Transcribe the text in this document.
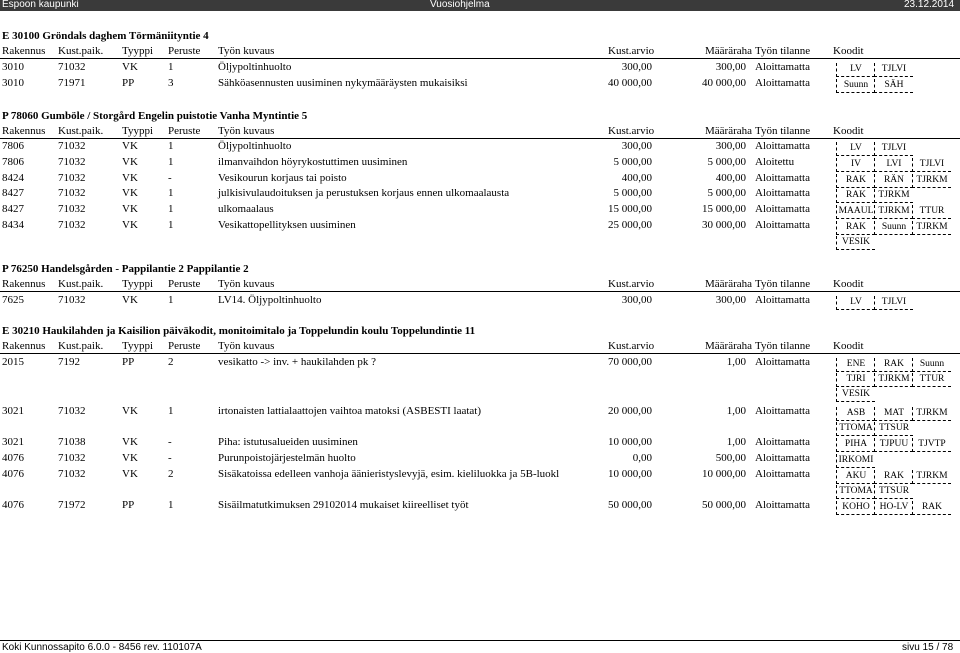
Espoon kaupunki	Vuosiohjelma	23.12.2014
E 30100 Gröndals daghem Törmäniityntie 4
Rakennus Kust.paik. Tyyppi Peruste Työn kuvaus	Kust.arvio	Määräraha Työn tilanne Koodit
3010	71032	VK	1	Öljypoltinhuolto	300,00	300,00 Aloittamatta	LV	TJLVI
3010	71971	PP	3	Sähköasennusten uusiminen nykymääräysten mukaisiksi	40 000,00	40 000,00 Aloittamatta	Suunn	SÄH
P 78060 Gumböle / Storgård Engelin puistotie Vanha Myntintie 5
Rakennus Kust.paik. Tyyppi Peruste Työn kuvaus	Kust.arvio	Määräraha Työn tilanne Koodit
7806	71032	VK	1	Öljypoltinhuolto	300,00	300,00 Aloittamatta	LV	TJLVI
7806	71032	VK	1	ilmanvaihdon höyrykostuttimen uusiminen	5 000,00	5 000,00 Aloitettu	IV	LVI	TJLVI
8424	71032	VK	-	Vesikourun korjaus tai poisto	400,00	400,00 Aloittamatta	RAK	RÄN	TJRKM
8427	71032	VK	1	julkisivulaudoituksen ja perustuksen korjaus ennen ulkomaalausta	5 000,00	5 000,00 Aloittamatta	RAK	TJRKM
8427	71032	VK	1	ulkomaalaus	15 000,00	15 000,00 Aloittamatta	MAAUL TJRKM	TTUR
8434	71032	VK	1	Vesikattopellityksen uusiminen	25 000,00	30 000,00 Aloittamatta	RAK	Suunn	TJRKM
VESIK
P 76250 Handelsgården - Pappilantie 2 Pappilantie 2
Rakennus Kust.paik. Tyyppi Peruste Työn kuvaus	Kust.arvio	Määräraha Työn tilanne Koodit
7625	71032	VK	1	LV14. Öljypoltinhuolto	300,00	300,00 Aloittamatta	LV	TJLVI
E 30210 Haukilahden ja Kaisilion päiväkodit, monitoimitalo ja Toppelundin koulu Toppelundintie 11
Rakennus Kust.paik. Tyyppi Peruste Työn kuvaus	Kust.arvio	Määräraha Työn tilanne Koodit
2015	7192	PP	2	vesikatto -> inv. + haukilahden pk ?	70 000,00	1,00 Aloittamatta	ENE	RAK	Suunn
TJRI	TJRKM	TTUR
VESIK
3021	71032	VK	1	irtonaisten lattialaattojen vaihtoa matoksi (ASBESTI laatat)	20 000,00	1,00 Aloittamatta	ASB	MAT	TJRKM
TTOMA TTSUR
3021	71038	VK	-	Piha: istutusalueiden uusiminen	10 000,00	1,00 Aloittamatta	PIHA	TJPUU	TJVTP
4076	71032	VK	-	Purunpoistojärjestelmän huolto	0,00	500,00 Aloittamatta	IRKOMI
4076	71032	VK	2	Sisäkatoissa edelleen vanhoja äänieristyslevyjä, esim. kieliluokka ja 5B-luokl	10 000,00	10 000,00 Aloittamatta	AKU	RAK	TJRKM
TTOMA TTSUR
4076	71972	PP	1	Sisäilmatutkimuksen 29102014 mukaiset kiireelliset työt	50 000,00	50 000,00 Aloittamatta	KOHO	HO-LV	RAK
Koki Kunnossapito 6.0.0 - 8456 rev. 110107A	sivu 15 / 78
